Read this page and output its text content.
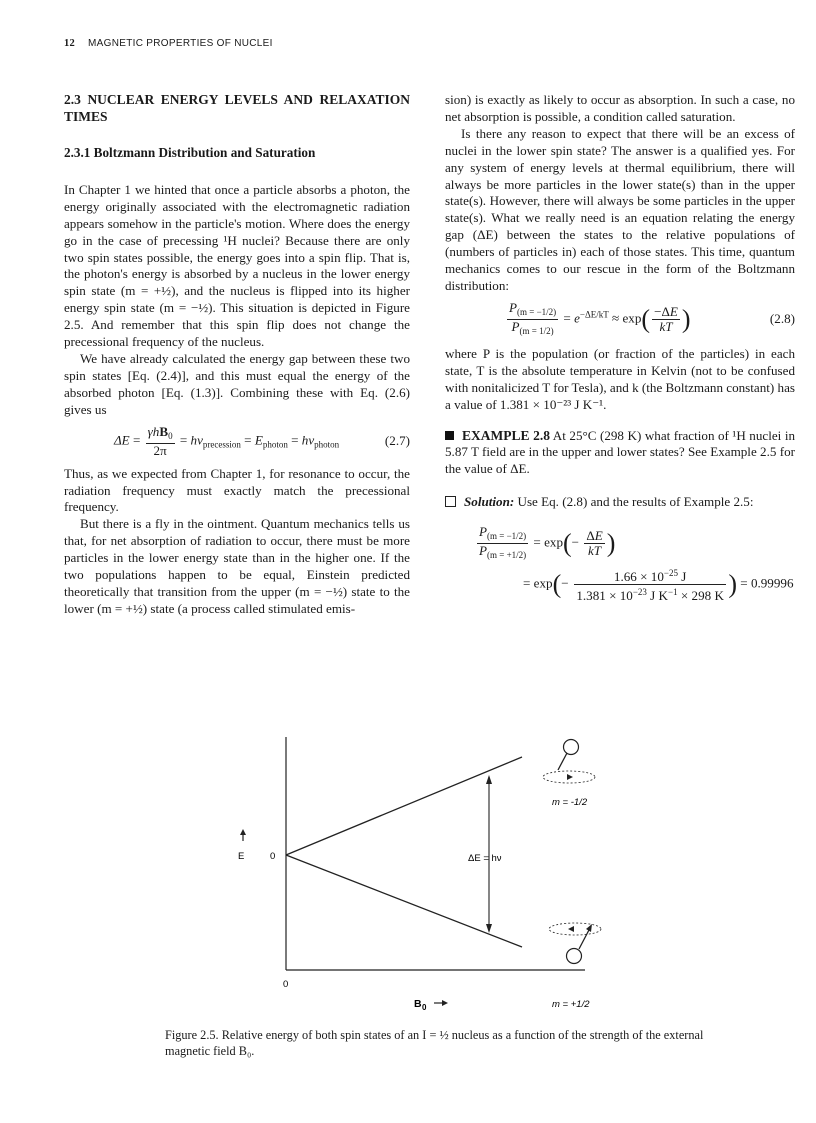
12 MAGNETIC PROPERTIES OF NUCLEI
2.3 NUCLEAR ENERGY LEVELS AND RELAXATION TIMES
2.3.1 Boltzmann Distribution and Saturation

In Chapter 1 we hinted that once a particle absorbs a photon, the energy originally associated with the electromagnetic radiation appears somehow in the particle's motion. Where does the energy go in the case of precessing ¹H nuclei? Because there are only two spin states possible, the energy goes into a spin flip. That is, the photon's energy is absorbed by a nucleus in the lower energy spin state (m = +½), and the nucleus is flipped into its higher energy spin state (m = −½). This situation is depicted in Figure 2.5. And remember that this spin flip does not change the precessional frequency of the nucleus.

We have already calculated the energy gap between these two spin states [Eq. (2.4)], and this must equal the energy of the absorbed photon [Eq. (1.3)]. Combining these with Eq. (2.6) gives us

$\Delta E = \frac{\gamma hB_0}{2\pi} = h\nu_{precession} = E_{photon} = h\nu_{photon}$	(2.7)

Thus, as we expected from Chapter 1, for resonance to occur, the radiation frequency must exactly match the precessional frequency.

But there is a fly in the ointment. Quantum mechanics tells us that, for net absorption of radiation to occur, there must be more particles in the lower energy state than in the higher one. If the two populations happen to be equal, Einstein predicted theoretically that transition from the upper (m = −½) state to the lower (m = +½) state (a process called stimulated emis-

sion) is exactly as likely to occur as absorption. In such a case, no net absorption is possible, a condition called saturation.

Is there any reason to expect that there will be an excess of nuclei in the lower spin state? The answer is a qualified yes. For any system of energy levels at thermal equilibrium, there will always be more particles in the lower state(s) than in the upper state(s). However, there will always be some particles in the upper state(s). What we really need is an equation relating the energy gap (ΔE) between the states to the relative populations of (numbers of particles in) each of those states. This time, quantum mechanics comes to our rescue in the form of the Boltzmann distribution:

$\frac{P_{(m = -1/2)}}{P_{(m = 1/2)}} = e^{-\Delta E/kT} \approx \exp( \frac{-\Delta E}{kT}$ )	(2.8)

where P is the population (or fraction of the particles) in each state, T is the absolute temperature in Kelvin (not to be confused with nonitalicized T for Tesla), and k (the Boltzmann constant) has a value of 1.381 × 10⁻²³ J K⁻¹.

EXAMPLE 2.8 At 25°C (298 K) what fraction of ¹H nuclei in 5.87 T field are in the upper and lower states? See Example 2.5 for the value of ΔE.

Solution: Use Eq. (2.8) and the results of Example 2.5:

$\frac{P_{(m = -1/2)}}{P_{(m = +1/2)}} = \exp(- \frac{\Delta E}{kT}$ )
= $\exp(- \frac{1.66 \times 10^{-25} J}{1.381 \times 10^{-23} J K^{-1} \times 298 K}$ ) = 0.99996
ΔE = hν
E	0
0
B 0
m = -1/2
m = +1/2
Figure 2.5. Relative energy of both spin states of an I = ½ nucleus as a function of the strength of the external magnetic field B₀.
